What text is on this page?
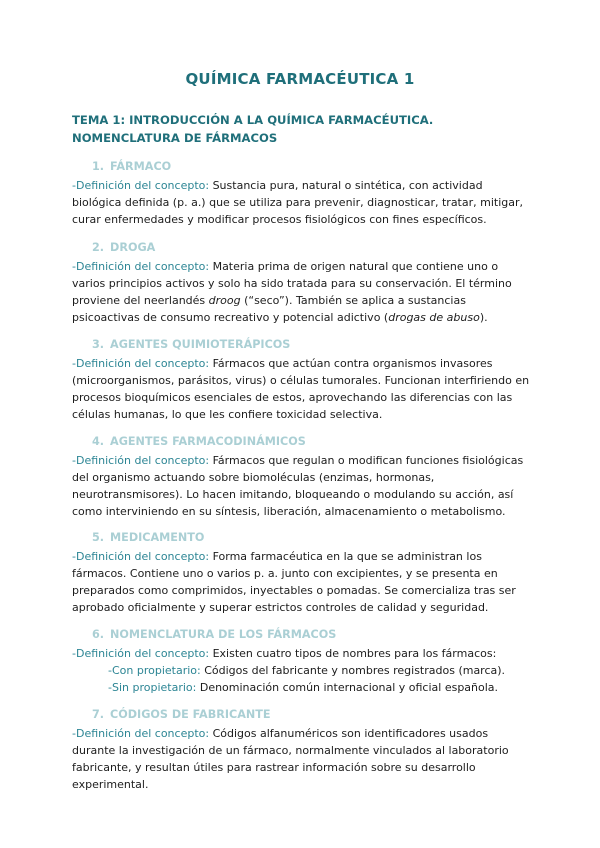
QUÍMICA FARMACÉUTICA 1
TEMA 1: INTRODUCCIÓN A LA QUÍMICA FARMACÉUTICA. NOMENCLATURA DE FÁRMACOS
1. FÁRMACO
-Definición del concepto: Sustancia pura, natural o sintética, con actividad biológica definida (p. a.) que se utiliza para prevenir, diagnosticar, tratar, mitigar, curar enfermedades y modificar procesos fisiológicos con fines específicos.
2. DROGA
-Definición del concepto: Materia prima de origen natural que contiene uno o varios principios activos y solo ha sido tratada para su conservación. El término proviene del neerlandés droog (“seco”). También se aplica a sustancias psicoactivas de consumo recreativo y potencial adictivo (drogas de abuso).
3. AGENTES QUIMIOTERÁPICOS
-Definición del concepto: Fármacos que actúan contra organismos invasores (microorganismos, parásitos, virus) o células tumorales. Funcionan interfiriendo en procesos bioquímicos esenciales de estos, aprovechando las diferencias con las células humanas, lo que les confiere toxicidad selectiva.
4. AGENTES FARMACODINÁMICOS
-Definición del concepto: Fármacos que regulan o modifican funciones fisiológicas del organismo actuando sobre biomoléculas (enzimas, hormonas, neurotransmisores). Lo hacen imitando, bloqueando o modulando su acción, así como interviniendo en su síntesis, liberación, almacenamiento o metabolismo.
5. MEDICAMENTO
-Definición del concepto: Forma farmacéutica en la que se administran los fármacos. Contiene uno o varios p. a. junto con excipientes, y se presenta en preparados como comprimidos, inyectables o pomadas. Se comercializa tras ser aprobado oficialmente y superar estrictos controles de calidad y seguridad.
6. NOMENCLATURA DE LOS FÁRMACOS
-Definición del concepto: Existen cuatro tipos de nombres para los fármacos:
-Con propietario: Códigos del fabricante y nombres registrados (marca).
-Sin propietario: Denominación común internacional y oficial española.
7. CÓDIGOS DE FABRICANTE
-Definición del concepto: Códigos alfanuméricos son identificadores usados durante la investigación de un fármaco, normalmente vinculados al laboratorio fabricante, y resultan útiles para rastrear información sobre su desarrollo experimental.
